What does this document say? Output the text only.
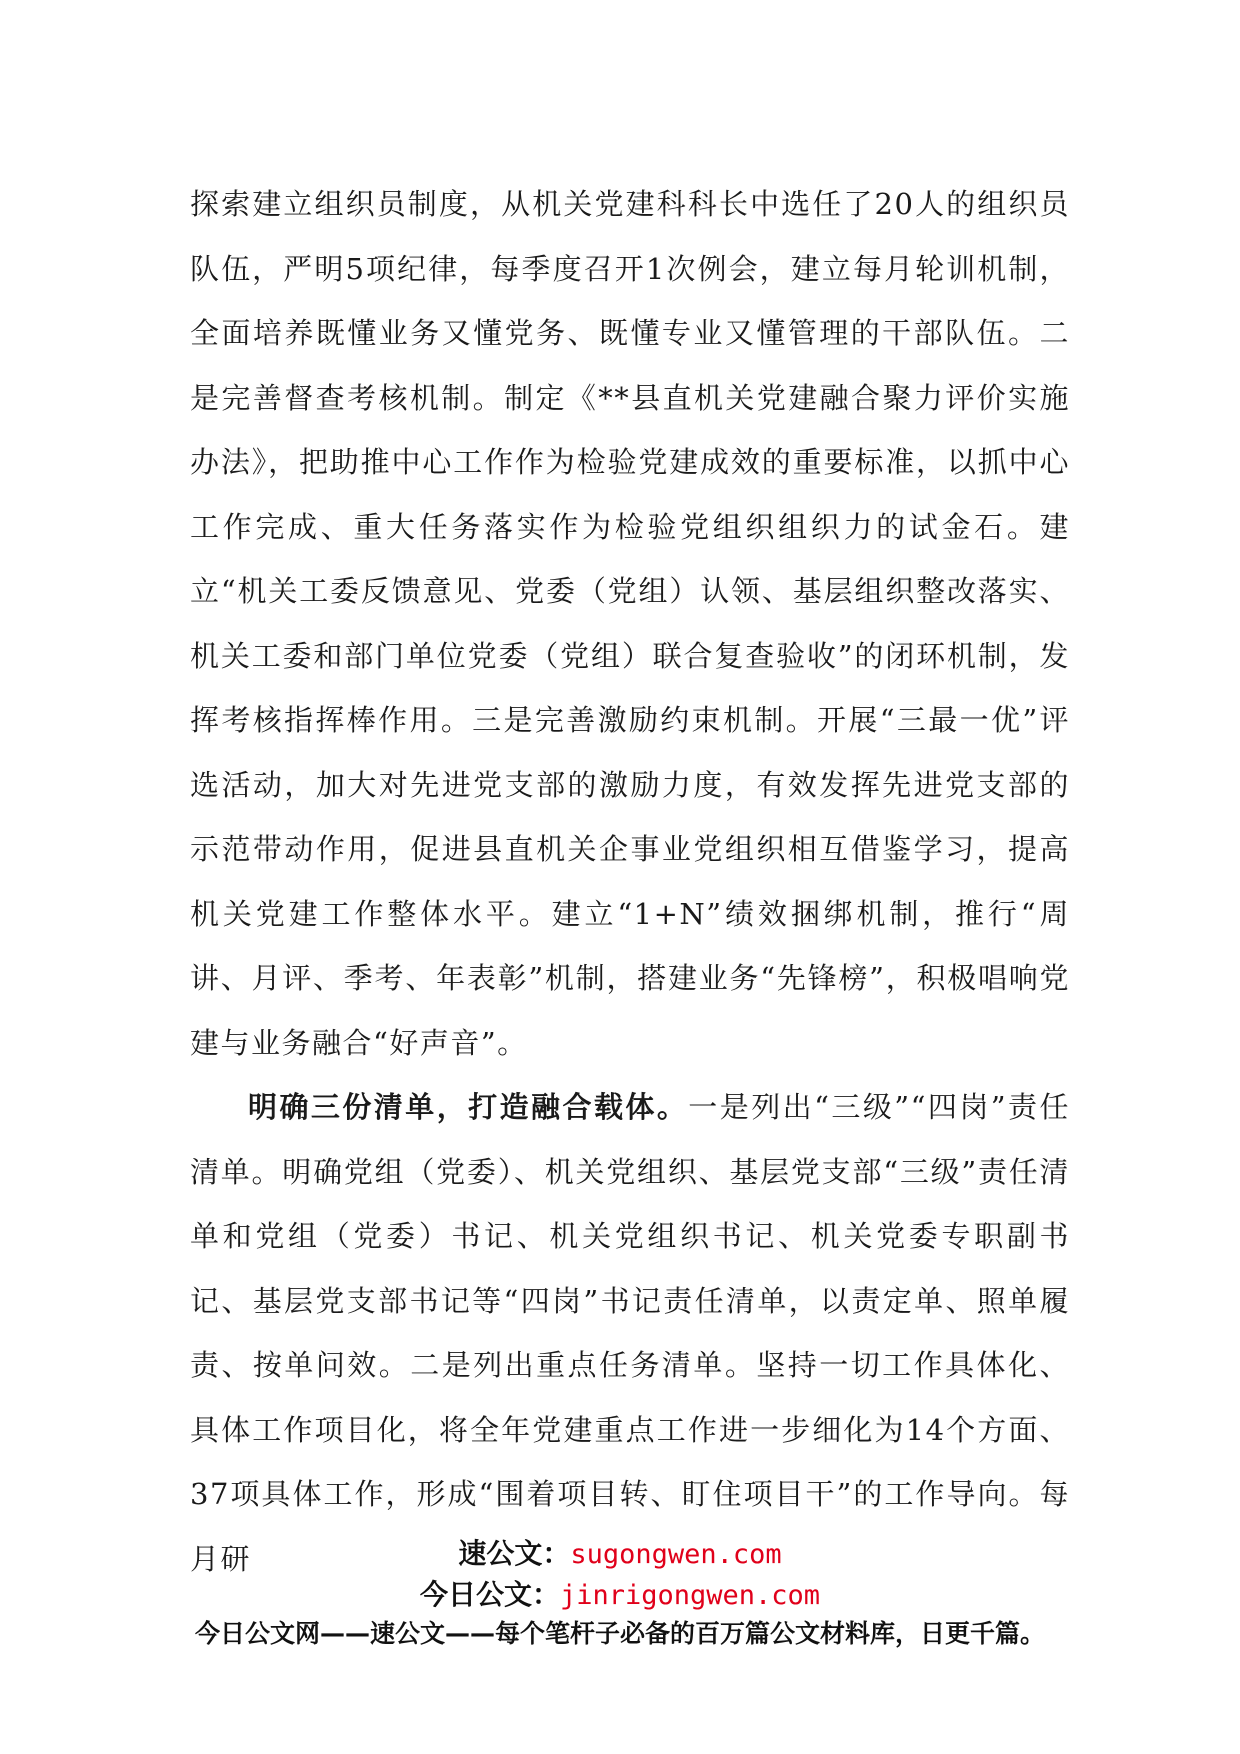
探索建立组织员制度，从机关党建科科长中选任了20人的组织员队伍，严明5项纪律，每季度召开1次例会，建立每月轮训机制，全面培养既懂业务又懂党务、既懂专业又懂管理的干部队伍。二是完善督查考核机制。制定《**县直机关党建融合聚力评价实施办法》，把助推中心工作作为检验党建成效的重要标准，以抓中心工作完成、重大任务落实作为检验党组织组织力的试金石。建立“机关工委反馈意见、党委（党组）认领、基层组织整改落实、机关工委和部门单位党委（党组）联合复查验收”的闭环机制，发挥考核指挥棒作用。三是完善激励约束机制。开展“三最一优”评选活动，加大对先进党支部的激励力度，有效发挥先进党支部的示范带动作用，促进县直机关企事业党组织相互借鉴学习，提高机关党建工作整体水平。建立“1+N”绩效捆绑机制，推行“周讲、月评、季考、年表彰”机制，搭建业务“先锋榜”，积极唱响党建与业务融合“好声音”。

明确三份清单，打造融合载体。一是列出“三级”“四岗”责任清单。明确党组（党委）、机关党组织、基层党支部“三级”责任清单和党组（党委）书记、机关党组织书记、机关党委专职副书记、基层党支部书记等“四岗”书记责任清单，以责定单、照单履责、按单问效。二是列出重点任务清单。坚持一切工作具体化、具体工作项目化，将全年党建重点工作进一步细化为14个方面、37项具体工作，形成“围着项目转、盯住项目干”的工作导向。每月研	速公文：sugongwen.com
今日公文：jinrigongwen.com
今日公文网——速公文——每个笔杆子必备的百万篇公文材料库，日更千篇。
